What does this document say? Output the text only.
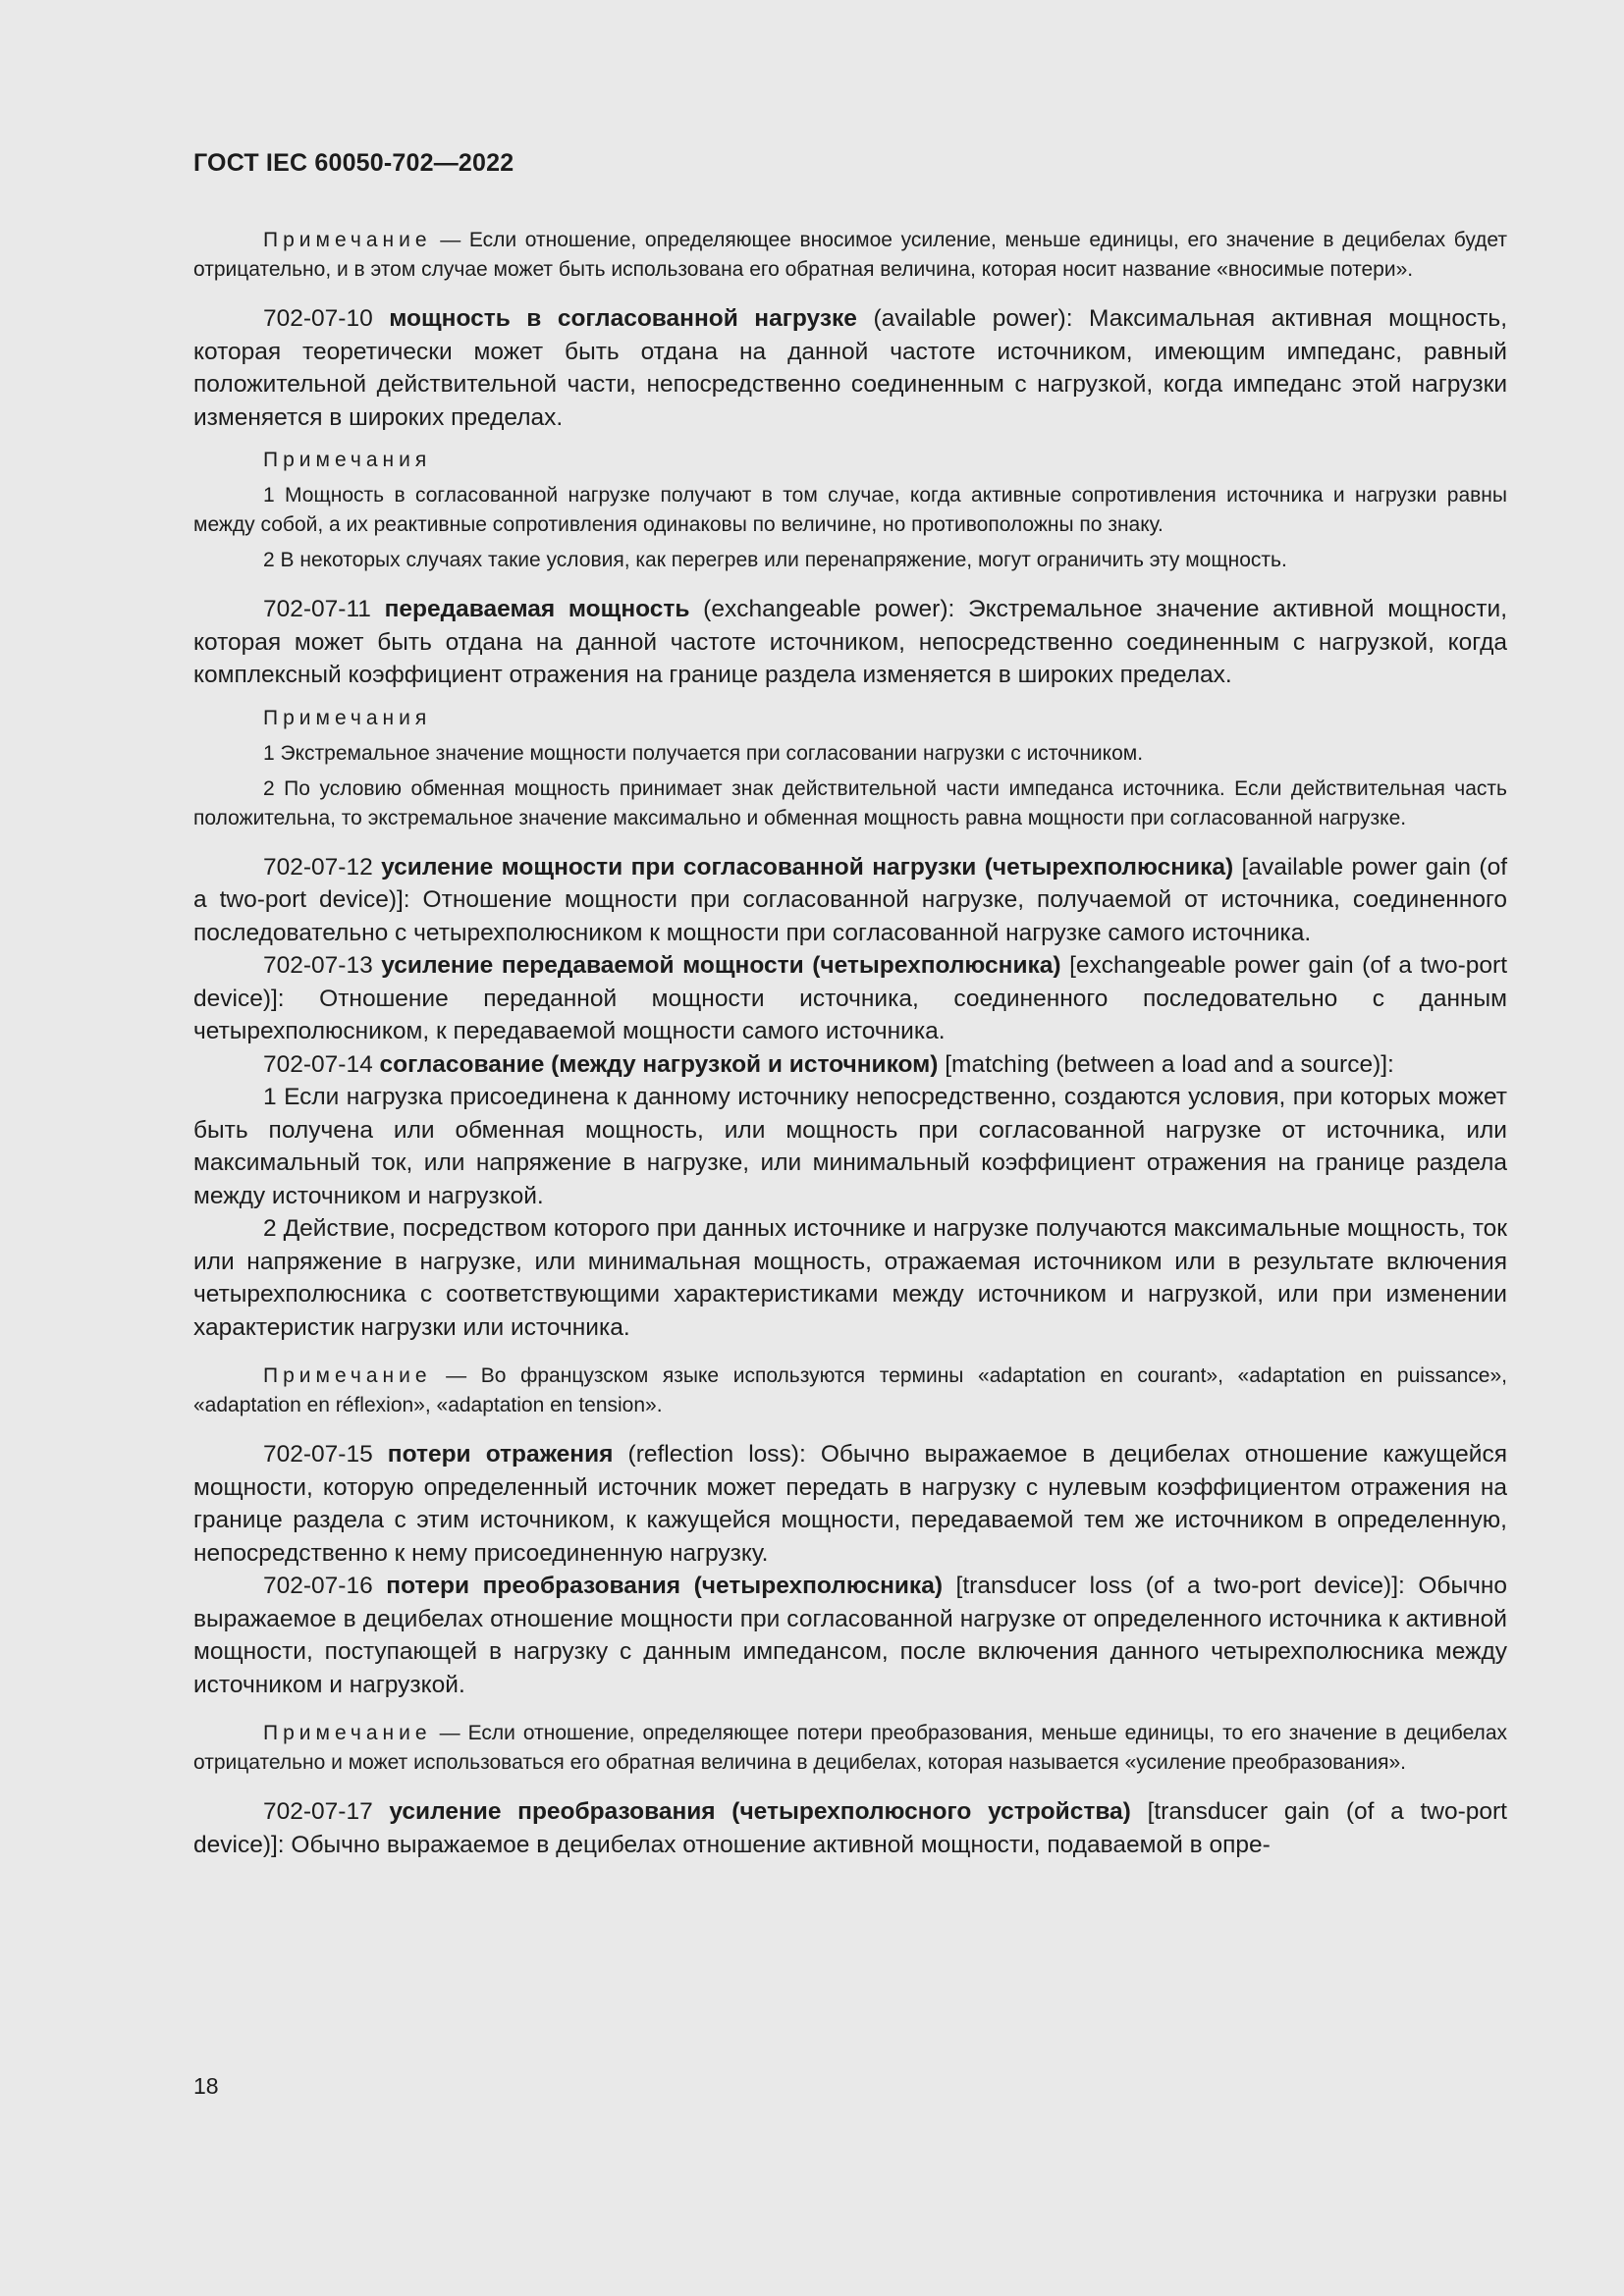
ГОСТ IEC 60050-702—2022

Примечание — Если отношение, определяющее вносимое усиление, меньше единицы, его значение в децибелах будет отрицательно, и в этом случае может быть использована его обратная величина, которая носит название «вносимые потери».

702-07-10 мощность в согласованной нагрузке (available power): Максимальная активная мощность, которая теоретически может быть отдана на данной частоте источником, имеющим импеданс, равный положительной действительной части, непосредственно соединенным с нагрузкой, когда импеданс этой нагрузки изменяется в широких пределах.

Примечания

1 Мощность в согласованной нагрузке получают в том случае, когда активные сопротивления источника и нагрузки равны между собой, а их реактивные сопротивления одинаковы по величине, но противоположны по знаку.

2 В некоторых случаях такие условия, как перегрев или перенапряжение, могут ограничить эту мощность.

702-07-11 передаваемая мощность (exchangeable power): Экстремальное значение активной мощности, которая может быть отдана на данной частоте источником, непосредственно соединенным с нагрузкой, когда комплексный коэффициент отражения на границе раздела изменяется в широких пределах.

Примечания

1 Экстремальное значение мощности получается при согласовании нагрузки с источником.

2 По условию обменная мощность принимает знак действительной части импеданса источника. Если действительная часть положительна, то экстремальное значение максимально и обменная мощность равна мощности при согласованной нагрузке.

702-07-12 усиление мощности при согласованной нагрузки (четырехполюсника) [available power gain (of a two-port device)]: Отношение мощности при согласованной нагрузке, получаемой от источника, соединенного последовательно с четырехполюсником к мощности при согласованной нагрузке самого источника.

702-07-13 усиление передаваемой мощности (четырехполюсника) [exchangeable power gain (of a two-port device)]: Отношение переданной мощности источника, соединенного последовательно с данным четырехполюсником, к передаваемой мощности самого источника.

702-07-14 согласование (между нагрузкой и источником) [matching (between a load and a source)]:

1 Если нагрузка присоединена к данному источнику непосредственно, создаются условия, при которых может быть получена или обменная мощность, или мощность при согласованной нагрузке от источника, или максимальный ток, или напряжение в нагрузке, или минимальный коэффициент отражения на границе раздела между источником и нагрузкой.

2 Действие, посредством которого при данных источнике и нагрузке получаются максимальные мощность, ток или напряжение в нагрузке, или минимальная мощность, отражаемая источником или в результате включения четырехполюсника с соответствующими характеристиками между источником и нагрузкой, или при изменении характеристик нагрузки или источника.

Примечание — Во французском языке используются термины «adaptation en courant», «adaptation en puissance», «adaptation en réflexion», «adaptation en tension».

702-07-15 потери отражения (reflection loss): Обычно выражаемое в децибелах отношение кажущейся мощности, которую определенный источник может передать в нагрузку с нулевым коэффициентом отражения на границе раздела с этим источником, к кажущейся мощности, передаваемой тем же источником в определенную, непосредственно к нему присоединенную нагрузку.

702-07-16 потери преобразования (четырехполюсника) [transducer loss (of a two-port device)]: Обычно выражаемое в децибелах отношение мощности при согласованной нагрузке от определенного источника к активной мощности, поступающей в нагрузку с данным импедансом, после включения данного четырехполюсника между источником и нагрузкой.

Примечание — Если отношение, определяющее потери преобразования, меньше единицы, то его значение в децибелах отрицательно и может использоваться его обратная величина в децибелах, которая называется «усиление преобразования».

702-07-17 усиление преобразования (четырехполюсного устройства) [transducer gain (of a two-port device)]: Обычно выражаемое в децибелах отношение активной мощности, подаваемой в опре-

18
